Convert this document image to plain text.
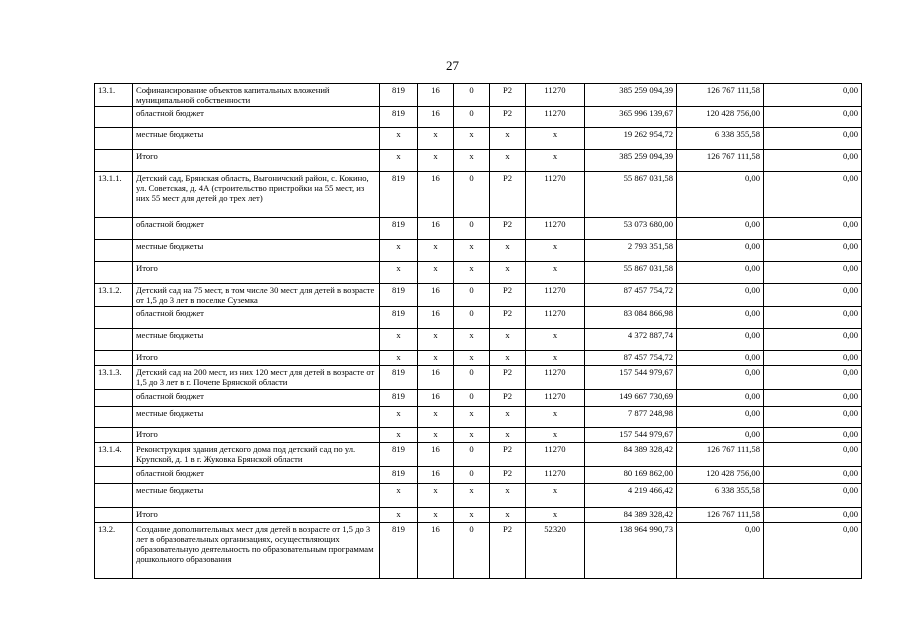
27
13.1.	Софинансирование объектов капитальных вложений муниципальной собственности	819	16	0	P2	11270	385 259 094,39	126 767 111,58	0,00
	областной бюджет	819	16	0	P2	11270	365 996 139,67	120 428 756,00	0,00
	местные бюджеты	х	х	х	х	х	19 262 954,72	6 338 355,58	0,00
	Итого	х	х	х	х	х	385 259 094,39	126 767 111,58	0,00
13.1.1.	Детский сад, Брянская область, Выгоничский район, с. Кокино, ул. Советская, д. 4А (строительство пристройки на 55 мест, из них 55 мест для детей до трех лет)	819	16	0	P2	11270	55 867 031,58	0,00	0,00
	областной бюджет	819	16	0	P2	11270	53 073 680,00	0,00	0,00
	местные бюджеты	х	х	х	х	х	2 793 351,58	0,00	0,00
	Итого	х	х	х	х	х	55 867 031,58	0,00	0,00
13.1.2.	Детский сад на 75 мест, в том числе 30 мест для детей в возрасте от 1,5 до 3 лет в поселке Суземка	819	16	0	P2	11270	87 457 754,72	0,00	0,00
	областной бюджет	819	16	0	P2	11270	83 084 866,98	0,00	0,00
	местные бюджеты	х	х	х	х	х	4 372 887,74	0,00	0,00
	Итого	х	х	х	х	х	87 457 754,72	0,00	0,00
13.1.3.	Детский сад на 200 мест, из них 120 мест для детей в возрасте от 1,5 до 3 лет в г. Почепе Брянской области	819	16	0	P2	11270	157 544 979,67	0,00	0,00
	областной бюджет	819	16	0	P2	11270	149 667 730,69	0,00	0,00
	местные бюджеты	х	х	х	х	х	7 877 248,98	0,00	0,00
	Итого	х	х	х	х	х	157 544 979,67	0,00	0,00
13.1.4.	Реконструкция здания детского дома под детский сад по ул. Крупской, д. 1 в г. Жуковка Брянской области	819	16	0	P2	11270	84 389 328,42	126 767 111,58	0,00
	областной бюджет	819	16	0	P2	11270	80 169 862,00	120 428 756,00	0,00
	местные бюджеты	х	х	х	х	х	4 219 466,42	6 338 355,58	0,00
	Итого	х	х	х	х	х	84 389 328,42	126 767 111,58	0,00
13.2.	Создание дополнительных мест для детей в возрасте от 1,5 до 3 лет в образовательных организациях, осуществляющих образовательную деятельность по образовательным программам дошкольного образования	819	16	0	P2	52320	138 964 990,73	0,00	0,00
